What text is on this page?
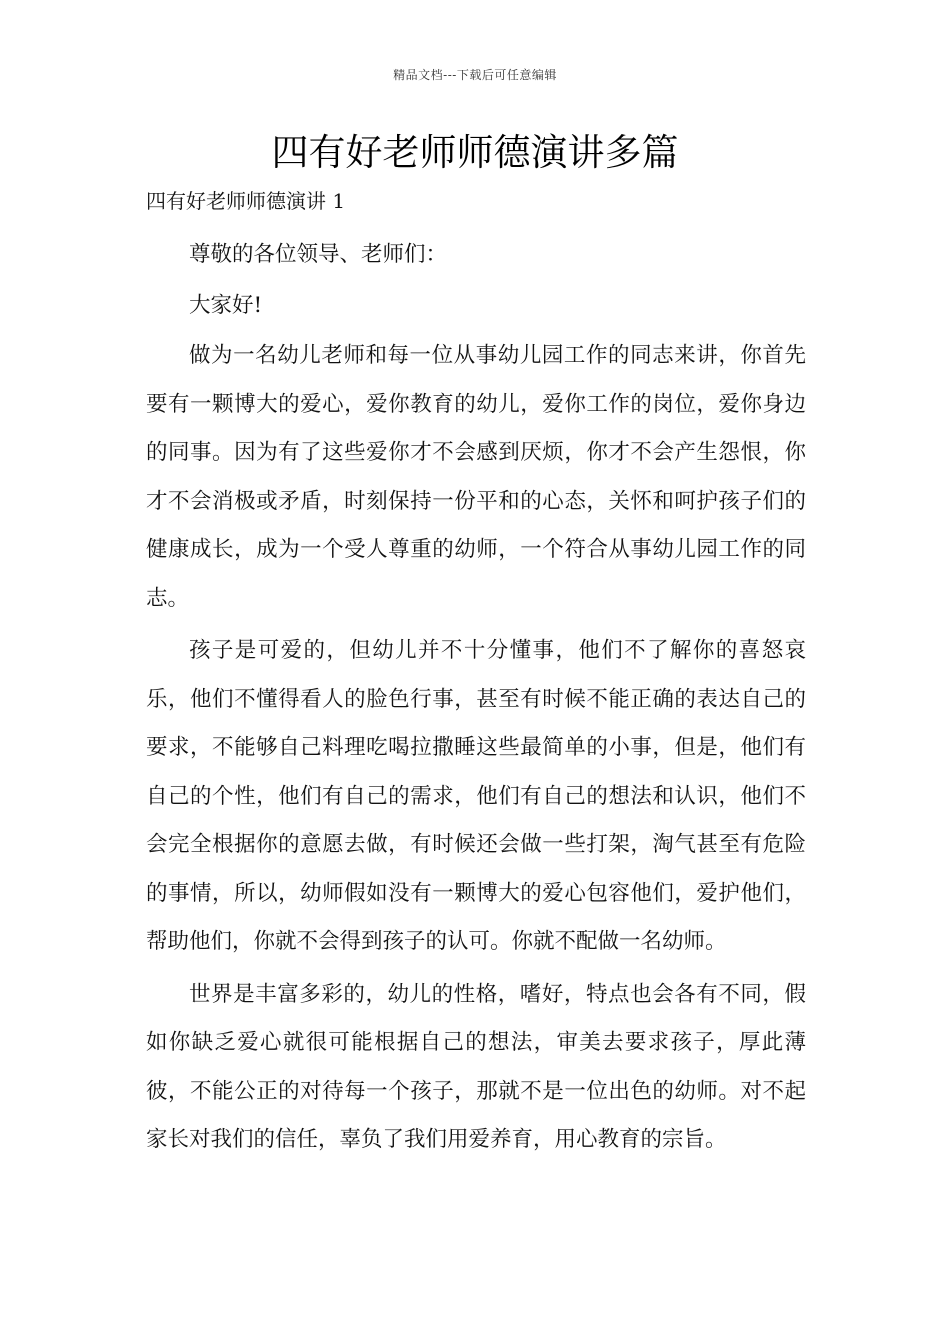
精品文档---下载后可任意编辑
四有好老师师德演讲多篇
四有好老师师德演讲 1

尊敬的各位领导、老师们：

大家好!

做为一名幼儿老师和每一位从事幼儿园工作的同志来讲，你首先要有一颗博大的爱心，爱你教育的幼儿，爱你工作的岗位，爱你身边的同事。因为有了这些爱你才不会感到厌烦，你才不会产生怨恨，你才不会消极或矛盾，时刻保持一份平和的心态，关怀和呵护孩子们的健康成长，成为一个受人尊重的幼师，一个符合从事幼儿园工作的同志。

孩子是可爱的，但幼儿并不十分懂事，他们不了解你的喜怒哀乐，他们不懂得看人的脸色行事，甚至有时候不能正确的表达自己的要求，不能够自己料理吃喝拉撒睡这些最简单的小事，但是，他们有自己的个性，他们有自己的需求，他们有自己的想法和认识，他们不会完全根据你的意愿去做，有时候还会做一些打架，淘气甚至有危险的事情，所以，幼师假如没有一颗博大的爱心包容他们，爱护他们，帮助他们，你就不会得到孩子的认可。你就不配做一名幼师。

世界是丰富多彩的，幼儿的性格，嗜好，特点也会各有不同，假如你缺乏爱心就很可能根据自己的想法，审美去要求孩子，厚此薄彼，不能公正的对待每一个孩子，那就不是一位出色的幼师。对不起家长对我们的信任，辜负了我们用爱养育，用心教育的宗旨。
